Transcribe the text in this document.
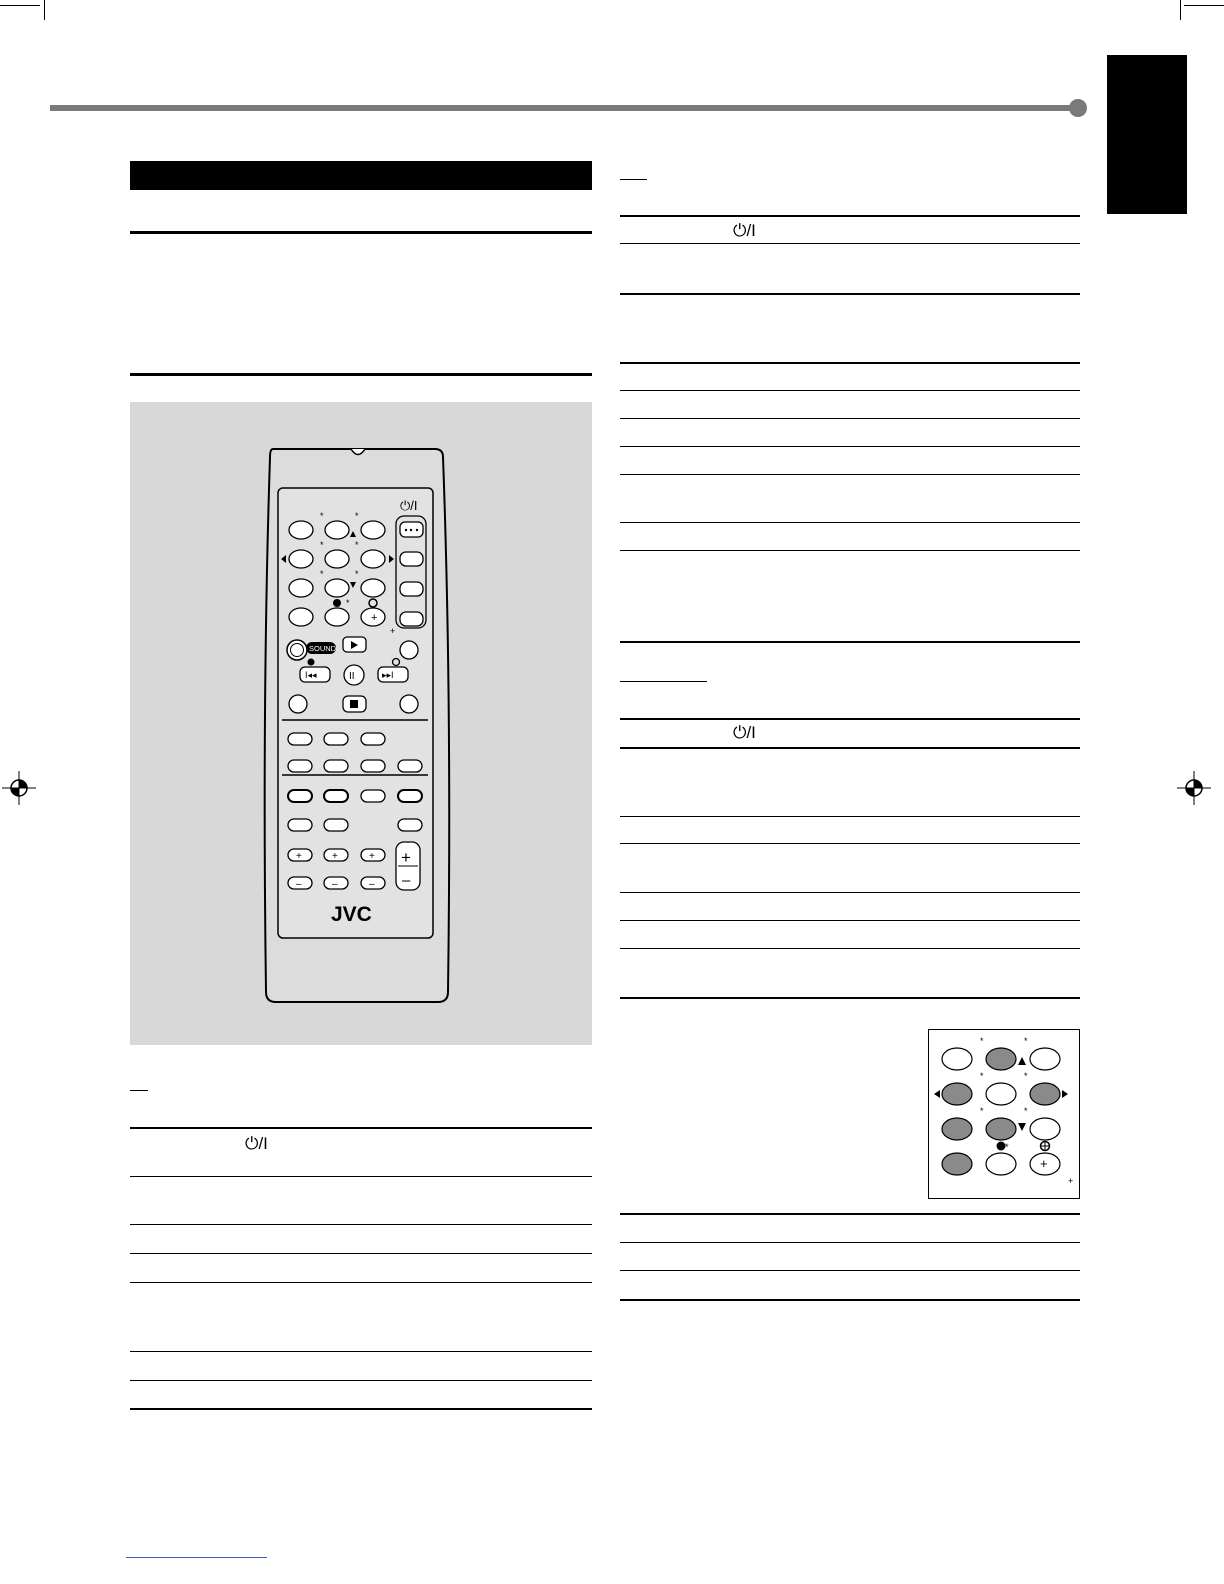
⏻/I
+
*	*
*	*
*	*
*
+
SOUND
I◂◂	II	▸▸I
+	+	+
–	–	–
+
–
JVC
⏻/I
⏻/I
⏻/I
+
*	*
*	*
*	*
*
+
